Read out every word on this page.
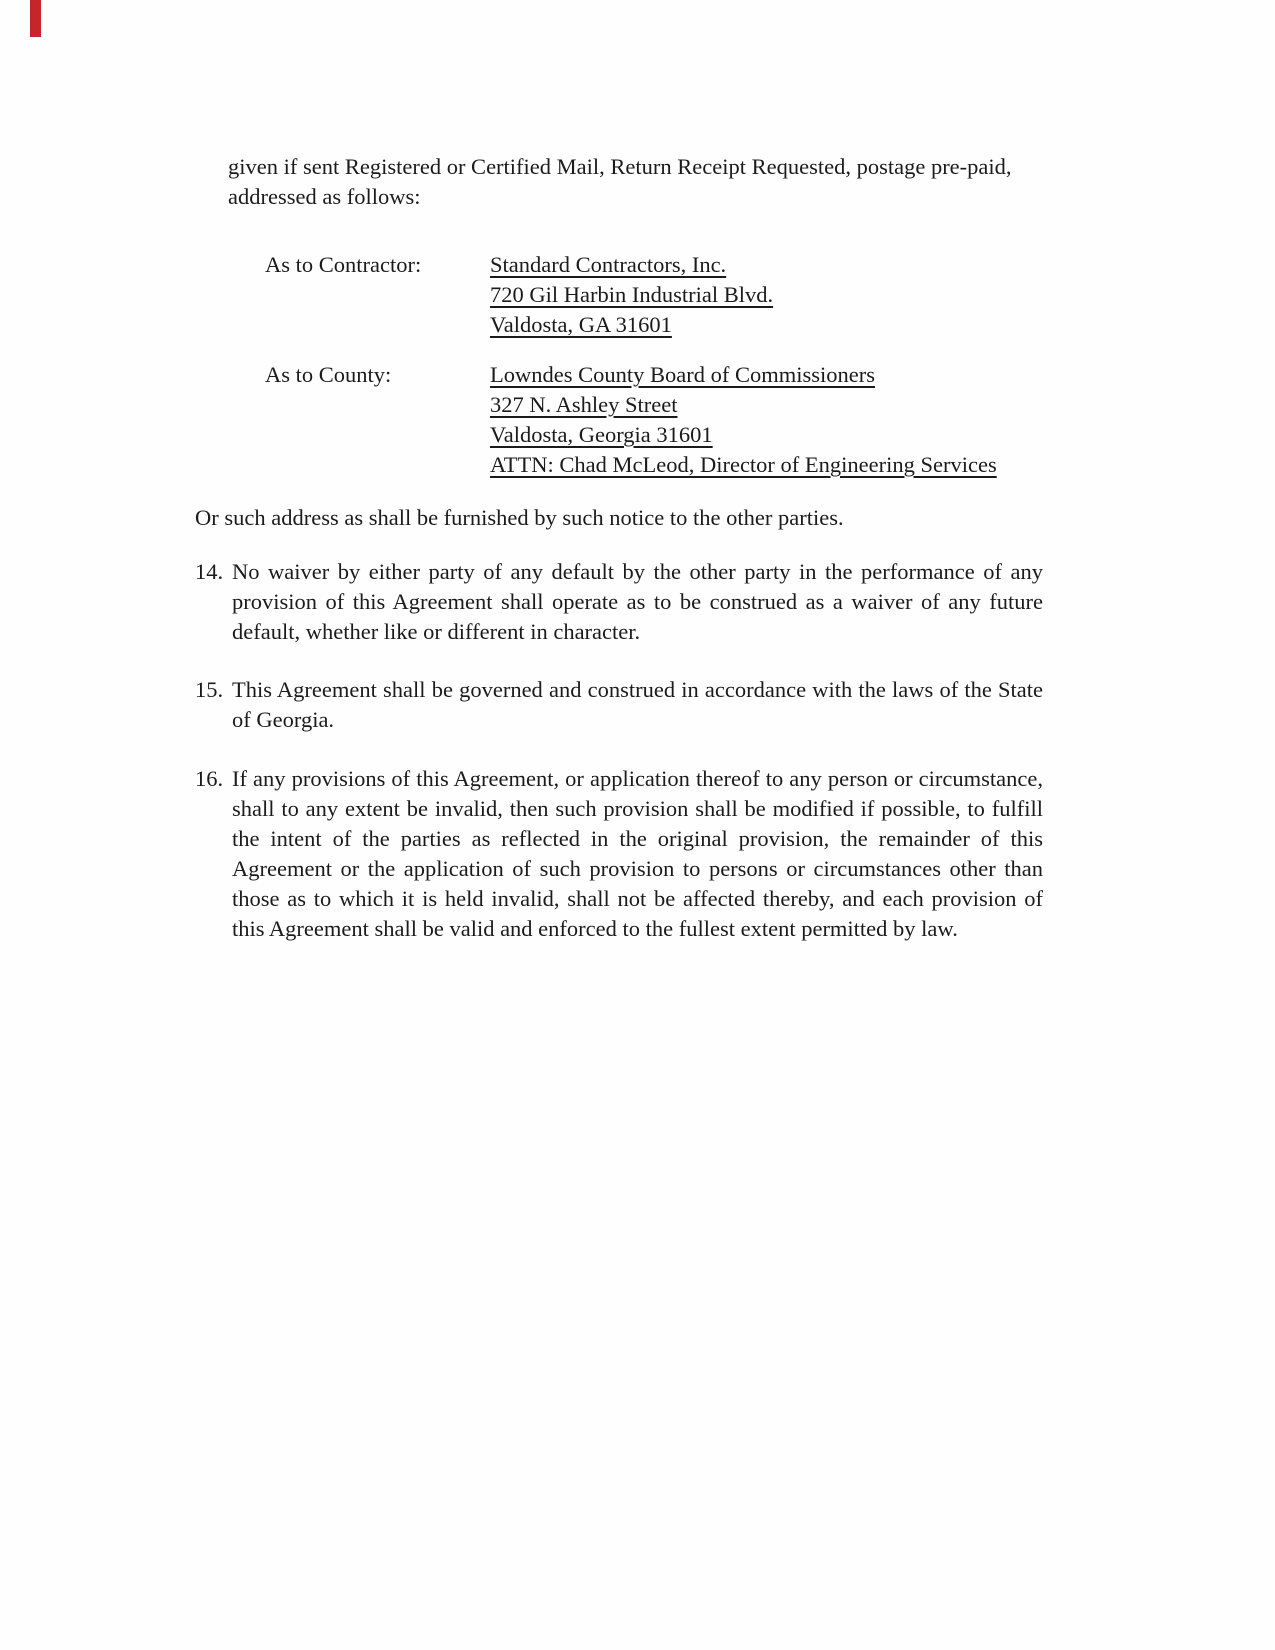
given if sent Registered or Certified Mail, Return Receipt Requested, postage pre-paid, addressed as follows:

As to Contractor:	Standard Contractors, Inc.
720 Gil Harbin Industrial Blvd.
Valdosta, GA 31601
As to County:	Lowndes County Board of Commissioners
327 N. Ashley Street
Valdosta, Georgia 31601
ATTN: Chad McLeod, Director of Engineering Services

Or such address as shall be furnished by such notice to the other parties.

14. No waiver by either party of any default by the other party in the performance of any provision of this Agreement shall operate as to be construed as a waiver of any future default, whether like or different in character.
15. This Agreement shall be governed and construed in accordance with the laws of the State of Georgia.
16. If any provisions of this Agreement, or application thereof to any person or circumstance, shall to any extent be invalid, then such provision shall be modified if possible, to fulfill the intent of the parties as reflected in the original provision, the remainder of this Agreement or the application of such provision to persons or circumstances other than those as to which it is held invalid, shall not be affected thereby, and each provision of this Agreement shall be valid and enforced to the fullest extent permitted by law.
